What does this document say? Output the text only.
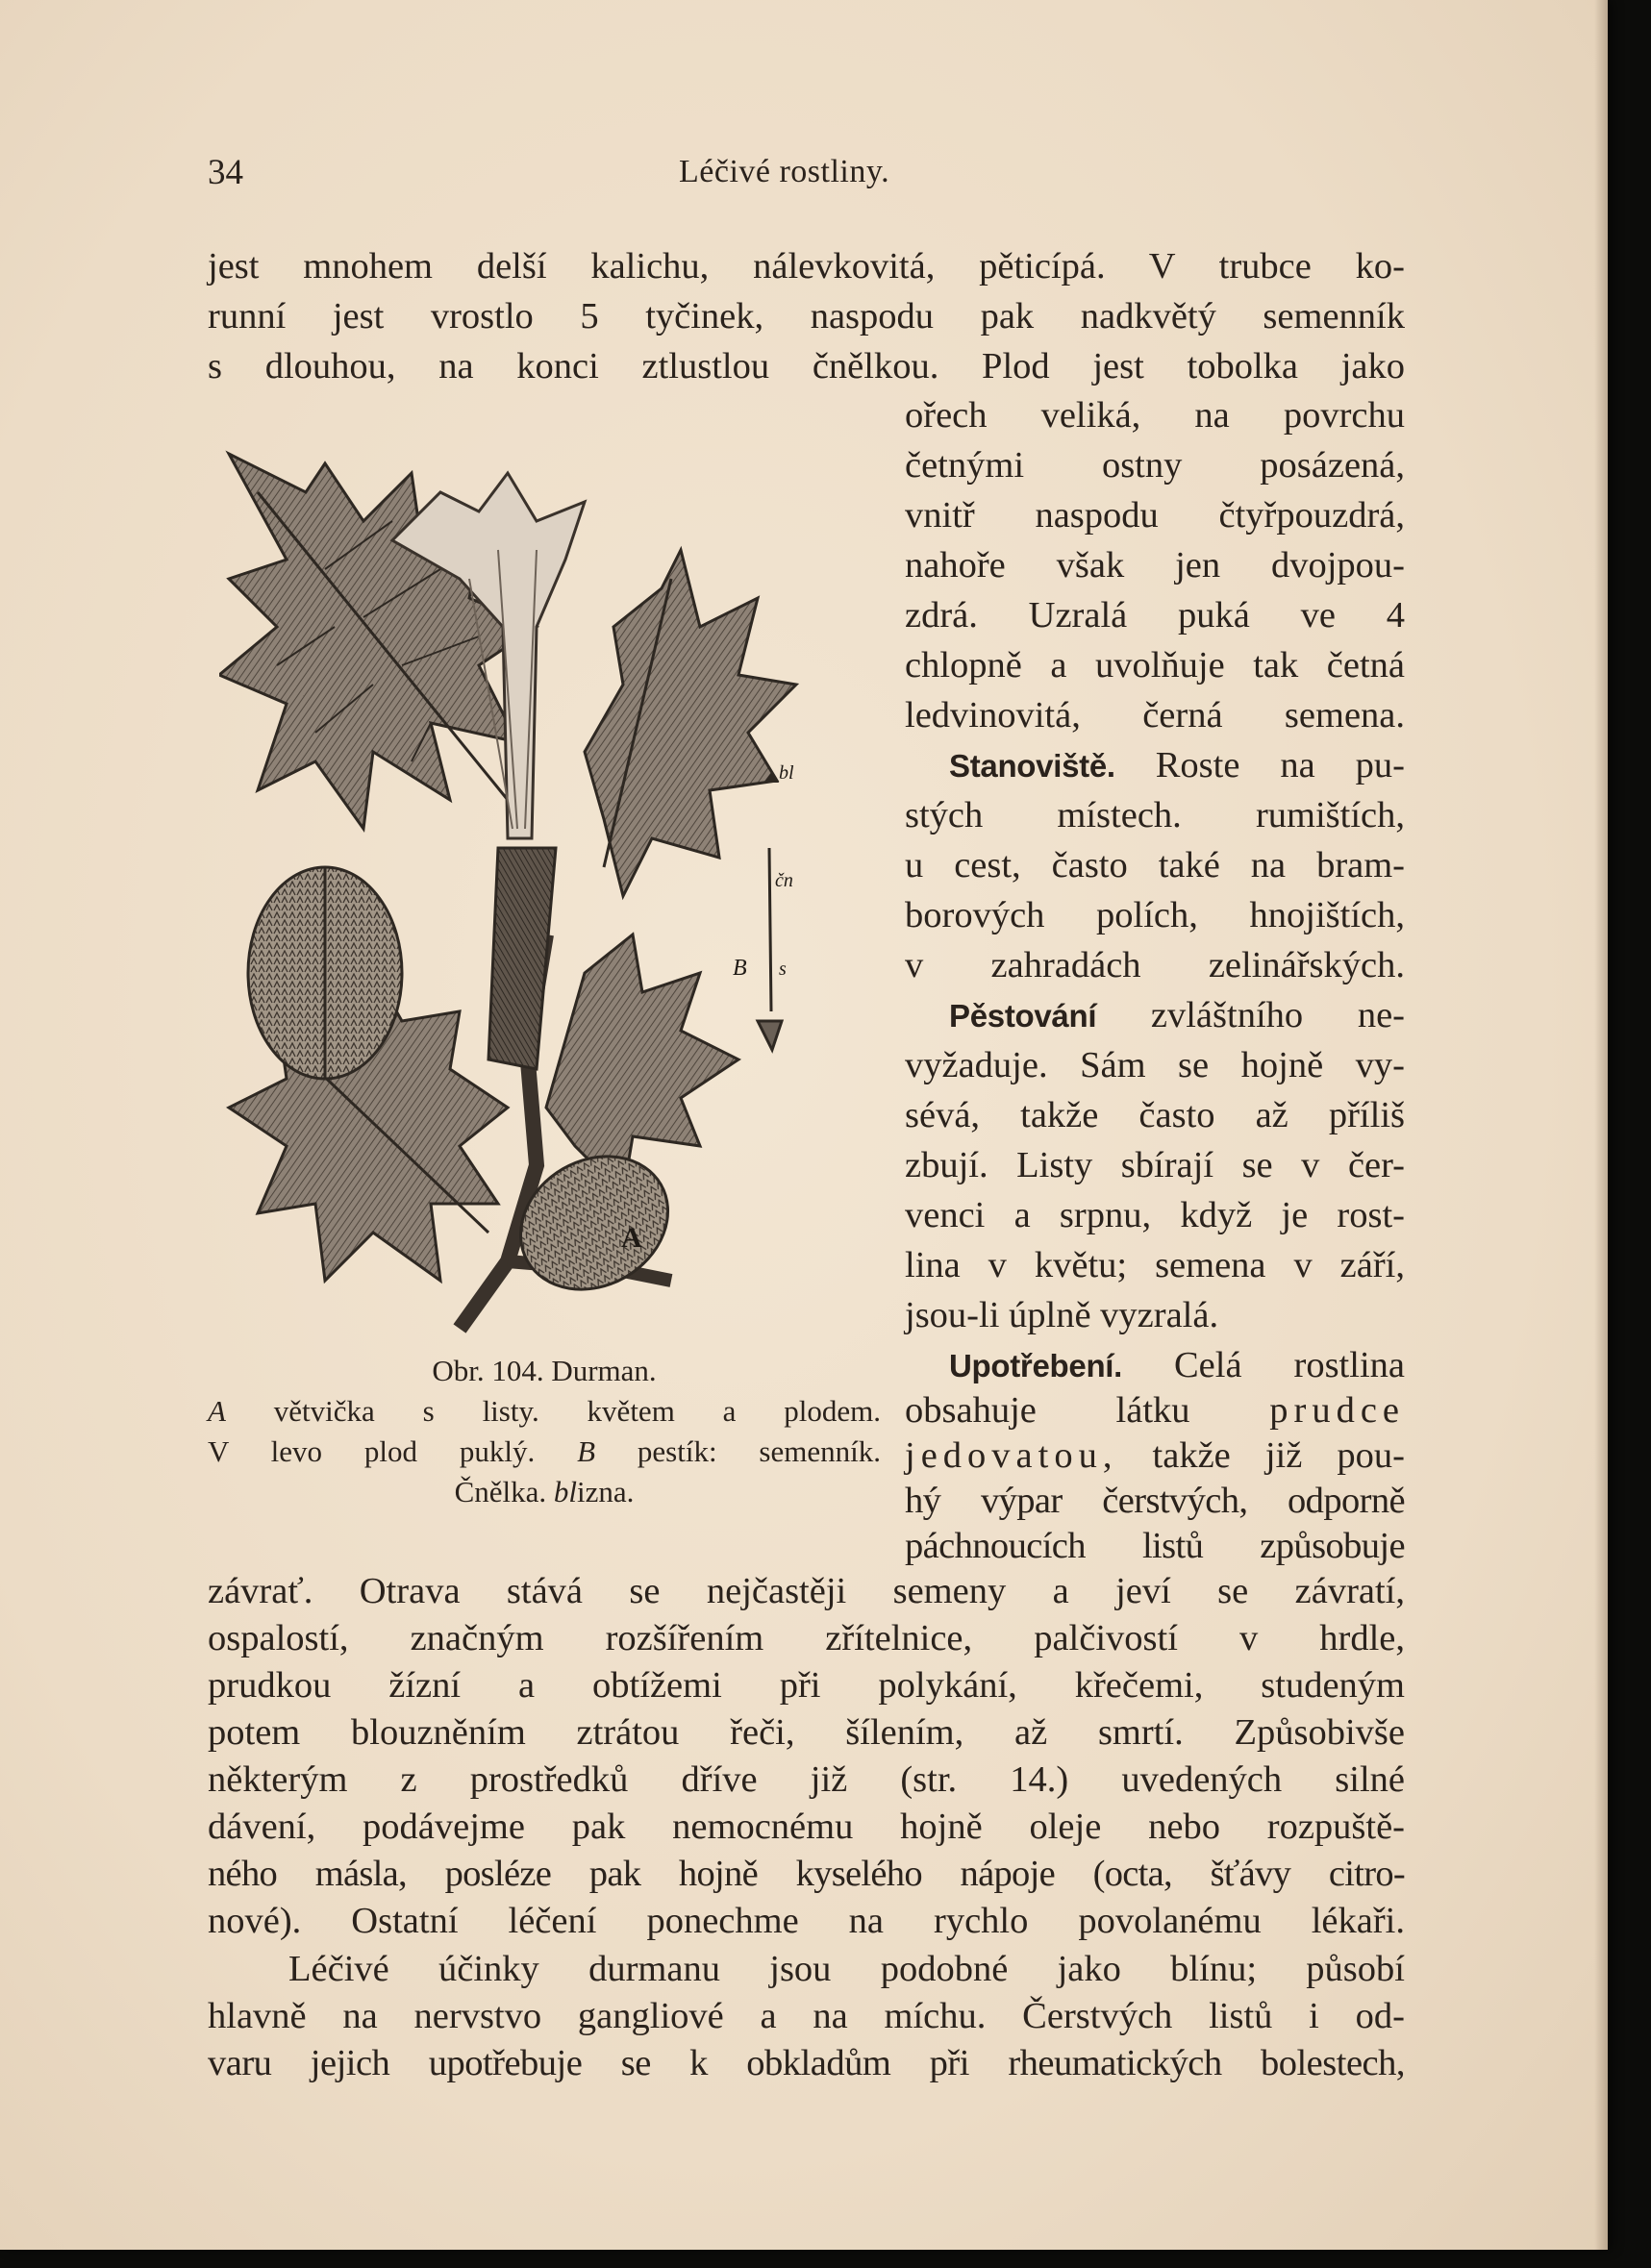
34	Léčivé rostliny.
jest mnohem delší kalichu, nálevkovitá, pěticípá. V trubce ko-
runní jest vrostlo 5 tyčinek, naspodu pak nadkvětý semenník
s dlouhou, na konci ztlustlou čnělkou. Plod jest tobolka jako
ořech veliká, na povrchu
četnými ostny posázená,
vnitř naspodu čtyřpouzdrá,
nahoře však jen dvojpou-
zdrá. Uzralá puká ve 4
chlopně a uvolňuje tak četná
ledvinovitá, černá semena.
Stanoviště. Roste na pu-
stých místech. rumištích,
u cest, často také na bram-
borových polích, hnojištích,
v zahradách zelinářských.
Pěstování zvláštního ne-
vyžaduje. Sám se hojně vy-
sévá, takže často až příliš
zbují. Listy sbírají se v čer-
venci a srpnu, když je rost-
lina v květu; semena v září,
jsou-li úplně vyzralá.
Upotřebení. Celá rostlina
obsahuje látku prudce
jedovatou, takže již pou-
hý výpar čerstvých, odporně
páchnoucích listů způsobuje
závrať. Otrava stává se nejčastěji semeny a jeví se závratí,
ospalostí, značným rozšířením zřítelnice, palčivostí v hrdle,
prudkou žízní a obtížemi při polykání, křečemi, studeným
potem blouzněním ztrátou řeči, šílením, až smrtí. Způsobivše
některým z prostředků dříve již (str. 14.) uvedených silné
dávení, podávejme pak nemocnému hojně oleje nebo rozpuště-
ného másla, posléze pak hojně kyselého nápoje (octa, šťávy citro-
nové). Ostatní léčení ponechme na rychlo povolanému lékaři.
Léčivé účinky durmanu jsou podobné jako blínu; působí
hlavně na nervstvo gangliové a na míchu. Čerstvých listů i od-
varu jejich upotřebuje se k obkladům při rheumatických bolestech,
A
bl
čn
B s
Obr. 104. Durman.
A větvička s listy. květem a plodem.
V levo plod puklý. B pestík: semenník.
Čnělka. blizna.
